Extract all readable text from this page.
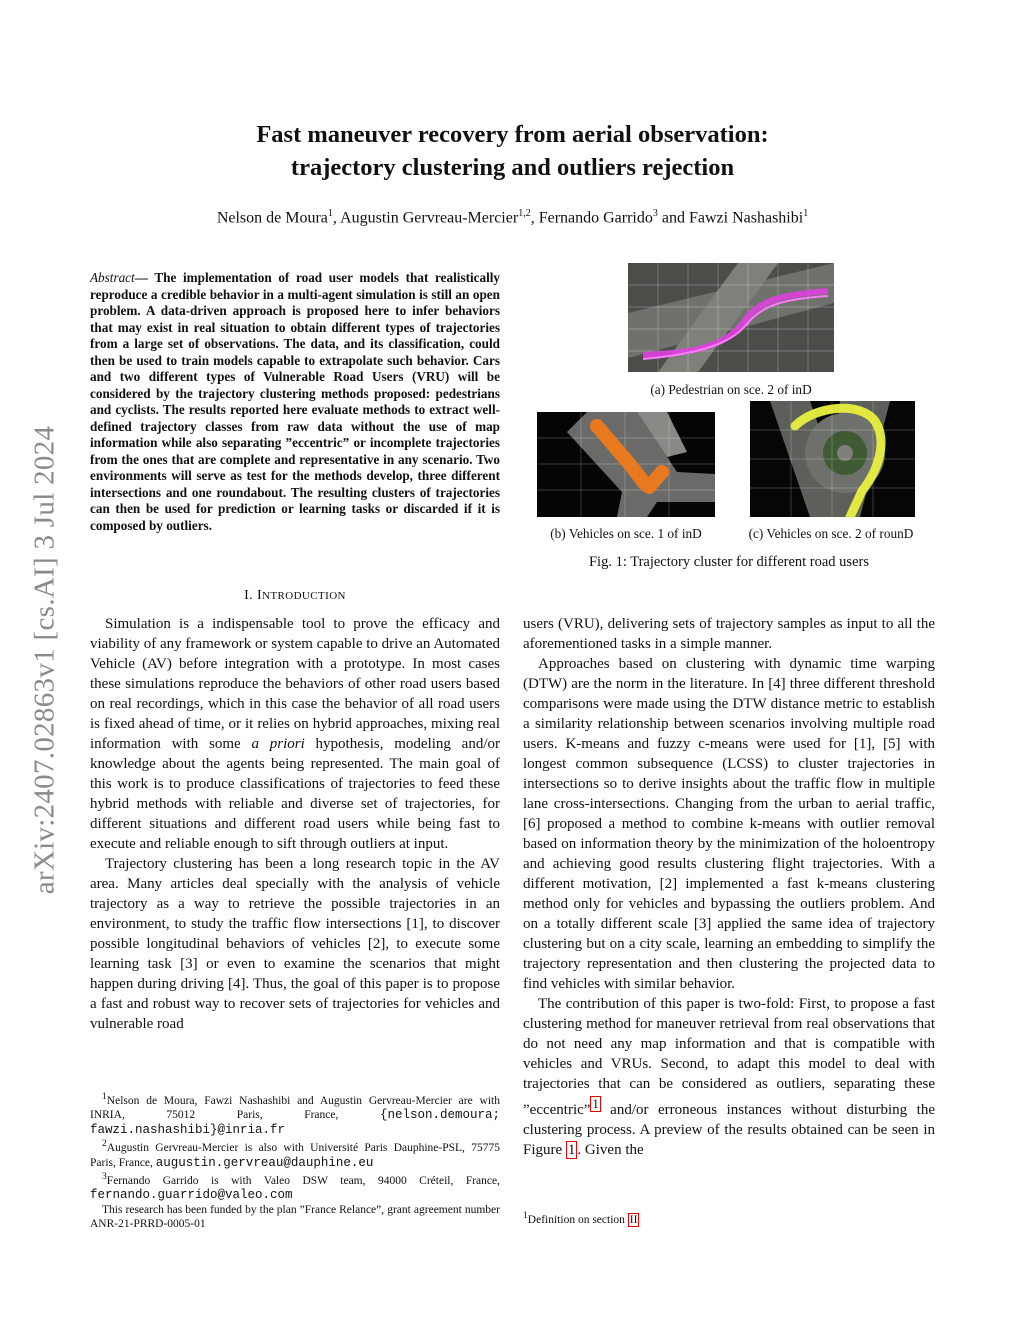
arXiv:2407.02863v1 [cs.AI] 3 Jul 2024
Fast maneuver recovery from aerial observation:
trajectory clustering and outliers rejection
Nelson de Moura$^1$, Augustin Gervreau-Mercier$^{1,2}$, Fernando Garrido$^3$ and Fawzi Nashashibi$^1$
Abstract— The implementation of road user models that realistically reproduce a credible behavior in a multi-agent simulation is still an open problem. A data-driven approach is proposed here to infer behaviors that may exist in real situation to obtain different types of trajectories from a large set of observations. The data, and its classification, could then be used to train models capable to extrapolate such behavior. Cars and two different types of Vulnerable Road Users (VRU) will be considered by the trajectory clustering methods proposed: pedestrians and cyclists. The results reported here evaluate methods to extract well-defined trajectory classes from raw data without the use of map information while also separating ”eccentric” or incomplete trajectories from the ones that are complete and representative in any scenario. Two environments will serve as test for the methods develop, three different intersections and one roundabout. The resulting clusters of trajectories can then be used for prediction or learning tasks or discarded if it is composed by outliers.
I. INTRODUCTION

Simulation is a indispensable tool to prove the efficacy and viability of any framework or system capable to drive an Automated Vehicle (AV) before integration with a prototype. In most cases these simulations reproduce the behaviors of other road users based on real recordings, which in this case the behavior of all road users is fixed ahead of time, or it relies on hybrid approaches, mixing real information with some a priori hypothesis, modeling and/or knowledge about the agents being represented. The main goal of this work is to produce classifications of trajectories to feed these hybrid methods with reliable and diverse set of trajectories, for different situations and different road users while being fast to execute and reliable enough to sift through outliers at input.

Trajectory clustering has been a long research topic in the AV area. Many articles deal specially with the analysis of vehicle trajectory as a way to retrieve the possible trajectories in an environment, to study the traffic flow intersections [1], to discover possible longitudinal behaviors of vehicles [2], to execute some learning task [3] or even to examine the scenarios that might happen during driving [4]. Thus, the goal of this paper is to propose a fast and robust way to recover sets of trajectories for vehicles and vulnerable road

$^1$Nelson de Moura, Fawzi Nashashibi and Augustin Gervreau-Mercier are with INRIA, 75012 Paris, France,	{nelson.demoura; fawzi.nashashibi}@inria.fr

$^2$Augustin Gervreau-Mercier is also with Université Paris Dauphine-PSL, 75775 Paris, France, augustin.gervreau@dauphine.eu

$^3$Fernando Garrido is with Valeo DSW team, 94000 Créteil, France, fernando.guarrido@valeo.com

This research has been funded by the plan ”France Relance”, grant agreement number ANR-21-PRRD-0005-01

(a) Pedestrian on sce. 2 of inD
(b) Vehicles on sce. 1 of inD	(c) Vehicles on sce. 2 of rounD
Fig. 1: Trajectory cluster for different road users

users (VRU), delivering sets of trajectory samples as input to all the aforementioned tasks in a simple manner.

Approaches based on clustering with dynamic time warping (DTW) are the norm in the literature. In [4] three different threshold comparisons were made using the DTW distance metric to establish a similarity relationship between scenarios involving multiple road users. K-means and fuzzy c-means were used for [1], [5] with longest common subsequence (LCSS) to cluster trajectories in intersections so to derive insights about the traffic flow in multiple lane cross-intersections. Changing from the urban to aerial traffic, [6] proposed a method to combine k-means with outlier removal based on information theory by the minimization of the holoentropy and achieving good results clustering flight trajectories. With a different motivation, [2] implemented a fast k-means clustering method only for vehicles and bypassing the outliers problem. And on a totally different scale [3] applied the same idea of trajectory clustering but on a city scale, learning an embedding to simplify the trajectory representation and then clustering the projected data to find vehicles with similar behavior.

The contribution of this paper is two-fold: First, to propose a fast clustering method for maneuver retrieval from real observations that do not need any map information and that is compatible with vehicles and VRUs. Second, to adapt this model to deal with trajectories that can be considered as outliers, separating these ”eccentric” $^1$ and/or erroneous instances without disturbing the clustering process. A preview of the results obtained can be seen in Figure 1 . Given the

$^1$Definition on section II
